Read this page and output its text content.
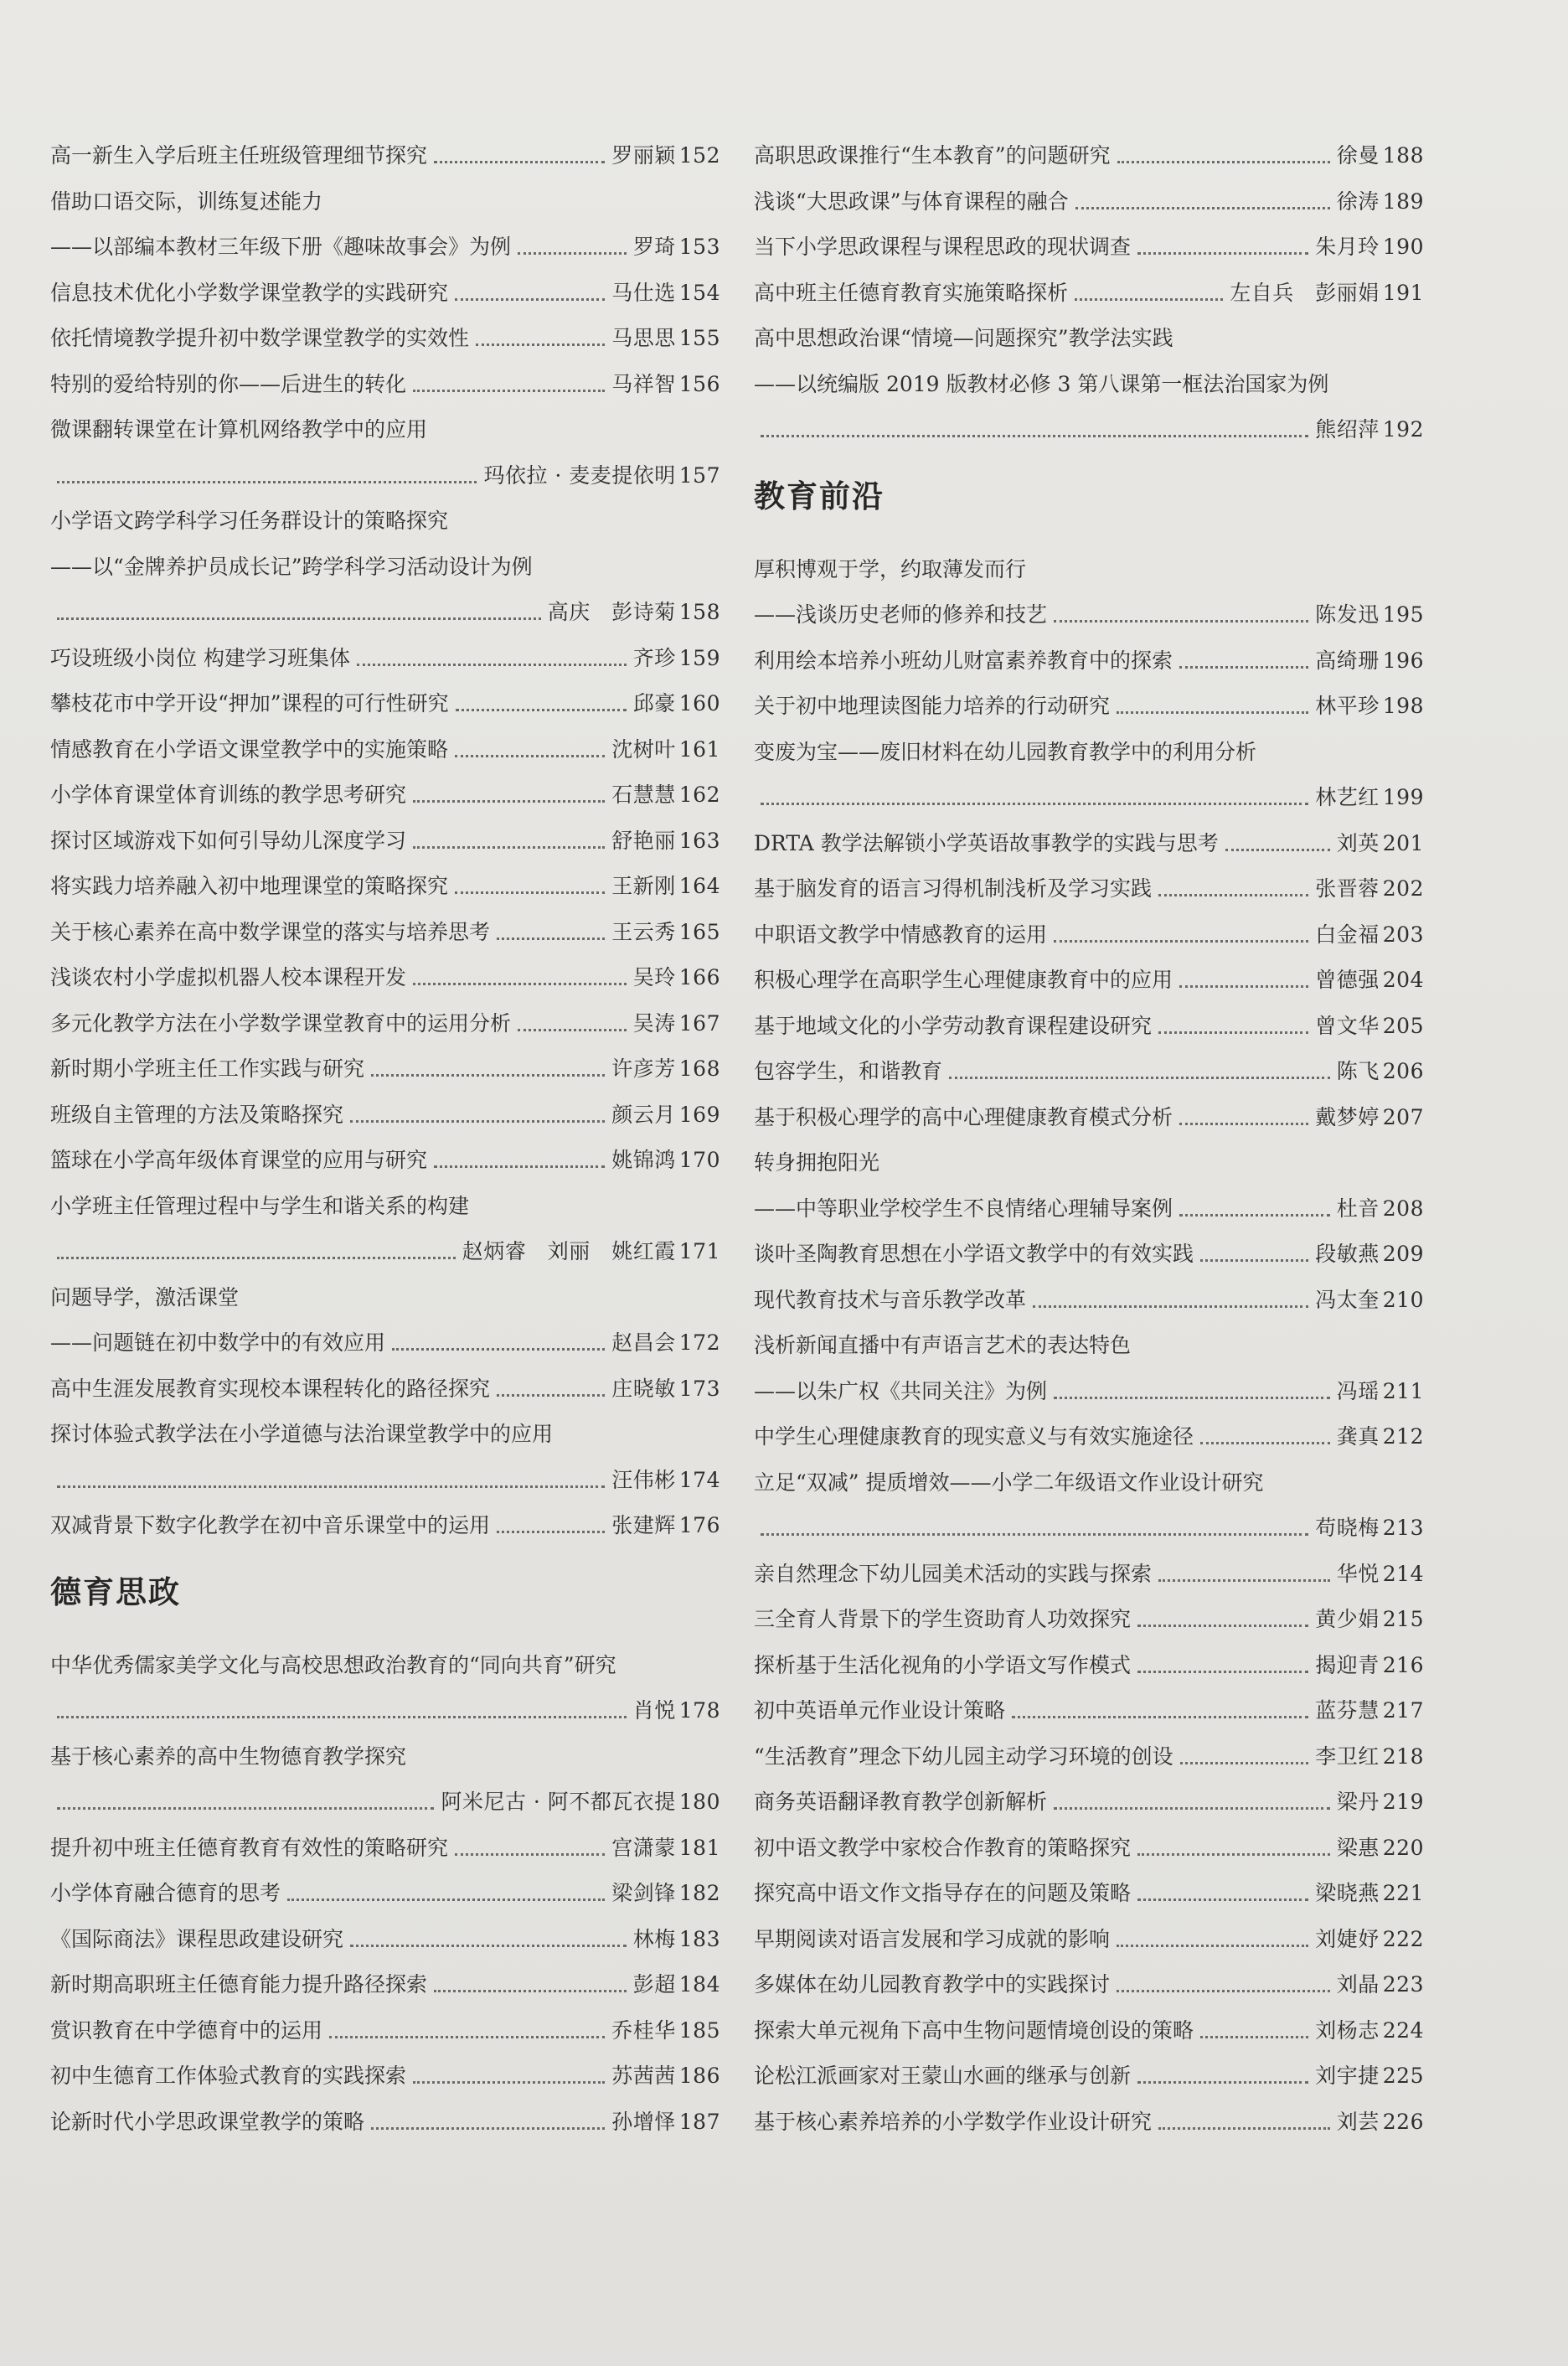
高一新生入学后班主任班级管理细节探究	罗丽颖 152
借助口语交际，训练复述能力
——以部编本教材三年级下册《趣味故事会》为例	罗琦 153
信息技术优化小学数学课堂教学的实践研究	马仕选 154
依托情境教学提升初中数学课堂教学的实效性	马思思 155
特别的爱给特别的你——后进生的转化	马祥智 156
微课翻转课堂在计算机网络教学中的应用
玛依拉 · 麦麦提依明 157
小学语文跨学科学习任务群设计的策略探究
——以“金牌养护员成长记”跨学科学习活动设计为例
高庆　彭诗菊 158
巧设班级小岗位 构建学习班集体	齐珍 159
攀枝花市中学开设“押加”课程的可行性研究	邱豪 160
情感教育在小学语文课堂教学中的实施策略	沈树叶 161
小学体育课堂体育训练的教学思考研究	石慧慧 162
探讨区域游戏下如何引导幼儿深度学习	舒艳丽 163
将实践力培养融入初中地理课堂的策略探究	王新刚 164
关于核心素养在高中数学课堂的落实与培养思考	王云秀 165
浅谈农村小学虚拟机器人校本课程开发	吴玲 166
多元化教学方法在小学数学课堂教育中的运用分析	吴涛 167
新时期小学班主任工作实践与研究	许彦芳 168
班级自主管理的方法及策略探究	颜云月 169
篮球在小学高年级体育课堂的应用与研究	姚锦鸿 170
小学班主任管理过程中与学生和谐关系的构建
赵炳睿　刘丽　姚红霞 171
问题导学，激活课堂
——问题链在初中数学中的有效应用	赵昌会 172
高中生涯发展教育实现校本课程转化的路径探究	庄晓敏 173
探讨体验式教学法在小学道德与法治课堂教学中的应用
汪伟彬 174
双减背景下数字化教学在初中音乐课堂中的运用	张建辉 176
德育思政
中华优秀儒家美学文化与高校思想政治教育的“同向共育”研究
肖悦 178
基于核心素养的高中生物德育教学探究
阿米尼古 · 阿不都瓦衣提 180
提升初中班主任德育教育有效性的策略研究	宫潇蒙 181
小学体育融合德育的思考	梁剑锋 182
《国际商法》课程思政建设研究	林梅 183
新时期高职班主任德育能力提升路径探索	彭超 184
赏识教育在中学德育中的运用	乔桂华 185
初中生德育工作体验式教育的实践探索	苏茜茜 186
论新时代小学思政课堂教学的策略	孙增怿 187
高职思政课推行“生本教育”的问题研究	徐曼 188
浅谈“大思政课”与体育课程的融合	徐涛 189
当下小学思政课程与课程思政的现状调查	朱月玲 190
高中班主任德育教育实施策略探析	左自兵　彭丽娟 191
高中思想政治课“情境—问题探究”教学法实践
——以统编版 2019 版教材必修 3 第八课第一框法治国家为例
熊绍萍 192
教育前沿
厚积博观于学，约取薄发而行
——浅谈历史老师的修养和技艺	陈发迅 195
利用绘本培养小班幼儿财富素养教育中的探索	高绮珊 196
关于初中地理读图能力培养的行动研究	林平珍 198
变废为宝——废旧材料在幼儿园教育教学中的利用分析
林艺红 199
DRTA 教学法解锁小学英语故事教学的实践与思考	刘英 201
基于脑发育的语言习得机制浅析及学习实践	张晋蓉 202
中职语文教学中情感教育的运用	白金福 203
积极心理学在高职学生心理健康教育中的应用	曾德强 204
基于地域文化的小学劳动教育课程建设研究	曾文华 205
包容学生，和谐教育	陈飞 206
基于积极心理学的高中心理健康教育模式分析	戴梦婷 207
转身拥抱阳光
——中等职业学校学生不良情绪心理辅导案例	杜音 208
谈叶圣陶教育思想在小学语文教学中的有效实践	段敏燕 209
现代教育技术与音乐教学改革	冯太奎 210
浅析新闻直播中有声语言艺术的表达特色
——以朱广权《共同关注》为例	冯瑶 211
中学生心理健康教育的现实意义与有效实施途径	龚真 212
立足“双减” 提质增效——小学二年级语文作业设计研究
苟晓梅 213
亲自然理念下幼儿园美术活动的实践与探索	华悦 214
三全育人背景下的学生资助育人功效探究	黄少娟 215
探析基于生活化视角的小学语文写作模式	揭迎青 216
初中英语单元作业设计策略	蓝芬慧 217
“生活教育”理念下幼儿园主动学习环境的创设	李卫红 218
商务英语翻译教育教学创新解析	梁丹 219
初中语文教学中家校合作教育的策略探究	梁惠 220
探究高中语文作文指导存在的问题及策略	梁晓燕 221
早期阅读对语言发展和学习成就的影响	刘婕妤 222
多媒体在幼儿园教育教学中的实践探讨	刘晶 223
探索大单元视角下高中生物问题情境创设的策略	刘杨志 224
论松江派画家对王蒙山水画的继承与创新	刘宇捷 225
基于核心素养培养的小学数学作业设计研究	刘芸 226
